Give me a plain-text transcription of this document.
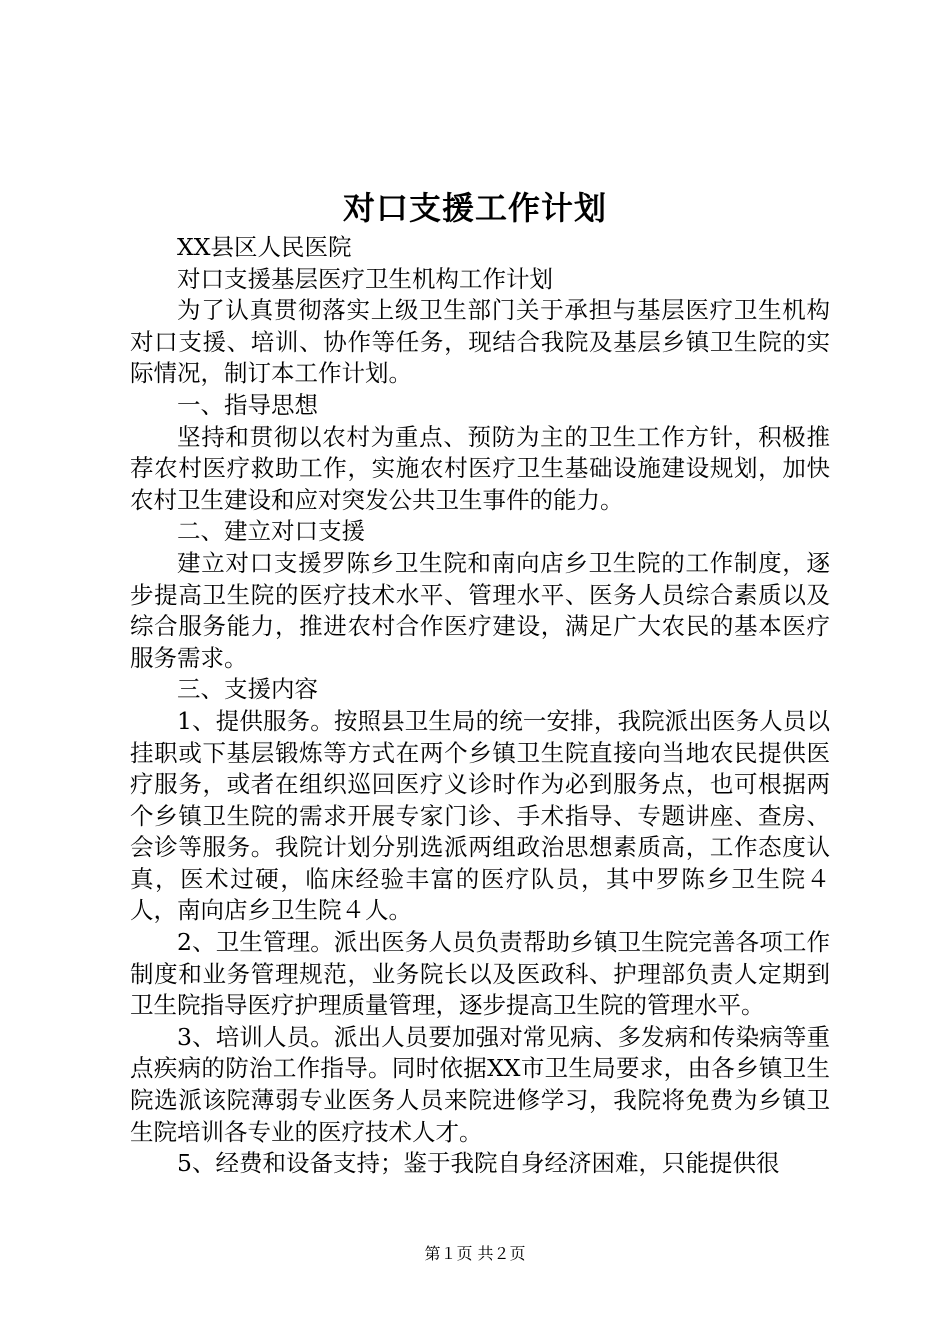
对口支援工作计划

XX县区人民医院

对口支援基层医疗卫生机构工作计划

为了认真贯彻落实上级卫生部门关于承担与基层医疗卫生机构对口支援、培训、协作等任务，现结合我院及基层乡镇卫生院的实际情况，制订本工作计划。

一、指导思想

坚持和贯彻以农村为重点、预防为主的卫生工作方针，积极推荐农村医疗救助工作，实施农村医疗卫生基础设施建设规划，加快农村卫生建设和应对突发公共卫生事件的能力。

二、建立对口支援

建立对口支援罗陈乡卫生院和南向店乡卫生院的工作制度，逐步提高卫生院的医疗技术水平、管理水平、医务人员综合素质以及综合服务能力，推进农村合作医疗建设，满足广大农民的基本医疗服务需求。

三、支援内容

1、提供服务。按照县卫生局的统一安排，我院派出医务人员以挂职或下基层锻炼等方式在两个乡镇卫生院直接向当地农民提供医疗服务，或者在组织巡回医疗义诊时作为必到服务点，也可根据两个乡镇卫生院的需求开展专家门诊、手术指导、专题讲座、查房、会诊等服务。我院计划分别选派两组政治思想素质高，工作态度认真，医术过硬，临床经验丰富的医疗队员，其中罗陈乡卫生院４人，南向店乡卫生院４人。

2、卫生管理。派出医务人员负责帮助乡镇卫生院完善各项工作制度和业务管理规范，业务院长以及医政科、护理部负责人定期到卫生院指导医疗护理质量管理，逐步提高卫生院的管理水平。

3、培训人员。派出人员要加强对常见病、多发病和传染病等重点疾病的防治工作指导。同时依据XX市卫生局要求，由各乡镇卫生院选派该院薄弱专业医务人员来院进修学习，我院将免费为乡镇卫生院培训各专业的医疗技术人才。

5、经费和设备支持；鉴于我院自身经济困难，只能提供很

第１页 共２页
